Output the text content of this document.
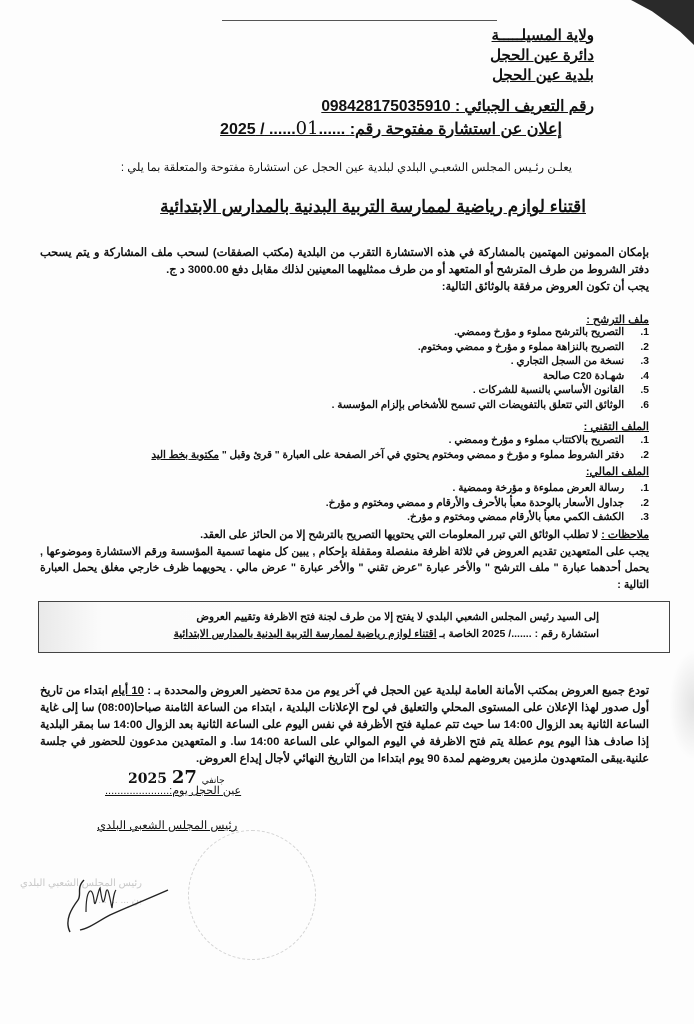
ولاية المسيلـــــة
دائرة عين الحجل
بلدية عين الحجل
رقم التعريف الجبائي : 098428175035910
إعلان عن استشارة مفتوحة رقم: ......01...... / 2025
يعلـن رئـيس المجلس الشعبـي البلدي لبلدية عين الحجل عن استشارة مفتوحة والمتعلقة بما يلي :
اقتناء لوازم رياضية لممارسة التربية البدنية بالمدارس الابتدائية

بإمكان الممونين المهتمين بالمشاركة في هذه الاستشارة التقرب من البلدية (مكتب الصفقات) لسحب ملف المشاركة و يتم يسحب دفتر الشروط من طرف المترشح أو المتعهد أو من طرف ممثليهما المعينين لذلك مقابل دفع 3000.00 د ج.

يجب أن تكون العروض مرفقة بالوثائق التالية:

ملف الترشح :
1. التصريح بالترشح مملوء و مؤرخ وممضي.
2. التصريح بالنزاهة مملوء و مؤرخ و ممضي ومختوم.
3. نسخة من السجل التجاري .
4. شهـادة C20 صالحة
5. القانون الأساسي بالنسبة للشركات .
6. الوثائق التي تتعلق بالتفويضات التي تسمح للأشخاص بإلزام المؤسسة .
الملف التقني :
1. التصريح بالاكتتاب مملوء و مؤرخ وممضي .
2. دفتر الشروط مملوء و مؤرخ و ممضي ومختوم يحتوي في آخر الصفحة على العبارة " قرئ وقبل " مكتوبة بخط اليد
الملف المالي:
1. رسالة العرض مملوءة و مؤرخة وممضية .
2. جداول الأسعار بالوحدة معبأ بالأحرف والأرقام و ممضي ومختوم و مؤرخ.
3. الكشف الكمي معبأ بالأرقام ممضي ومختوم و مؤرخ.

ملاحظات : لا تطلب الوثائق التي تبرر المعلومات التي يحتويها التصريح بالترشح إلا من الحائز على العقد.

يجب على المتعهدين تقديم العروض في ثلاثة اظرفة منفصلة ومقفلة بإحكام , يبين كل منهما تسمية المؤسسة ورقم الاستشارة وموضوعها , يحمل أحدهما عبارة " ملف الترشح " والأخر عبارة "عرض تقني " والأخر عبارة " عرض مالي . يحويهما ظرف خارجي مغلق يحمل العبارة التالية :

إلى السيد رئيس المجلس الشعبي البلدي لا يفتح إلا من طرف لجنة فتح الاظرفة وتقييم العروض
استشارة رقم : ......./ 2025 الخاصة بـ اقتناء لوازم رياضية لممارسة التربية البدنية بالمدارس الابتدائية
تودع جميع العروض بمكتب الأمانة العامة لبلدية عين الحجل في آخر يوم من مدة تحضير العروض والمحددة بـ : 10 أيام ابتداء من تاريخ أول صدور لهذا الإعلان على المستوى المحلي والتعليق في لوح الإعلانات البلدية ، ابتداء من الساعة الثامنة صباحا(08:00) سا إلى غاية الساعة الثانية بعد الزوال 14:00 سا حيث تتم عملية فتح الأظرفة في نفس اليوم على الساعة الثانية بعد الزوال 14:00 سا بمقر البلدية إذا صادف هذا اليوم يوم عطلة يتم فتح الاظرفة في اليوم الموالي على الساعة 14:00 سا. و المتعهدين مدعوون للحضور في جلسة علنية.يبقى المتعهدون ملزمين بعروضهم لمدة 90 يوم ابتداءا من التاريخ النهائي لأجال إيداع العروض.
2025	جانفي 27
عين الحجل يوم:.....................
رئيس المجلس الشعبي البلدي
رئيس المجلس الشعبي البلدي
بن ... ... ...
